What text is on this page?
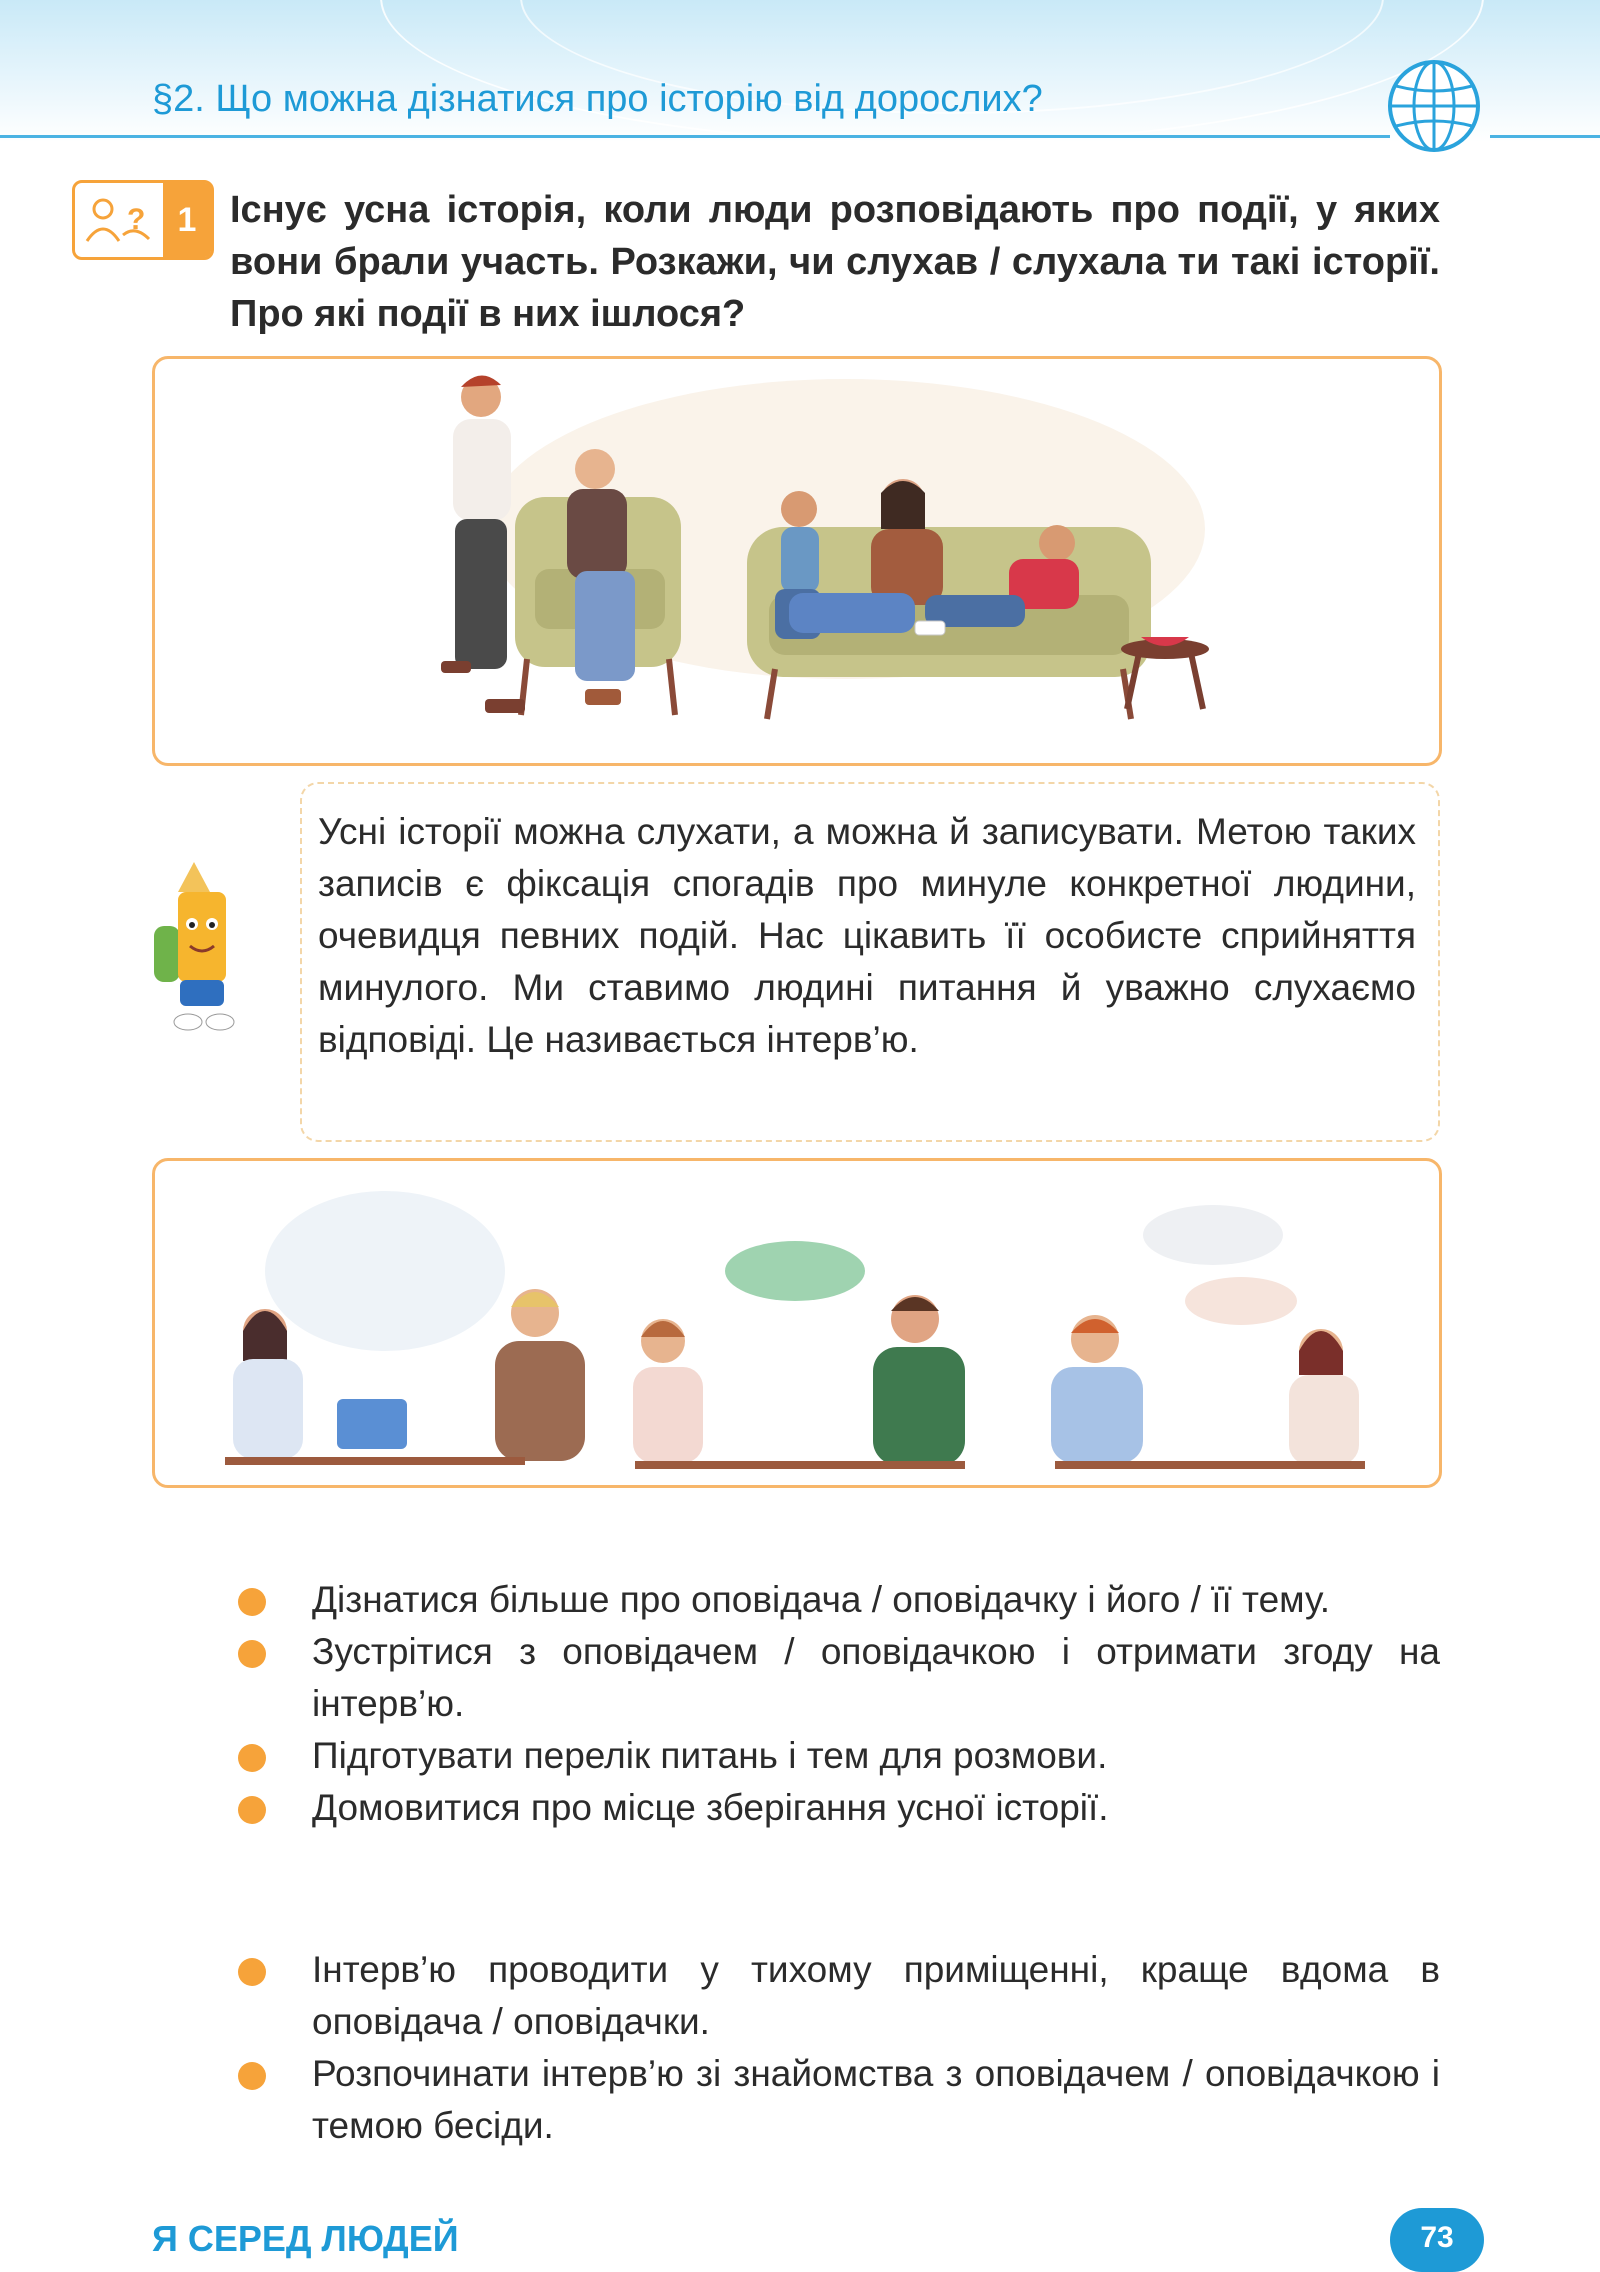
§2. Що можна дізнатися про історію від дорослих?
? 1 Існує усна історія, коли люди розповідають про події, у яких вони брали участь. Розкажи, чи слухав / слухала ти такі історії. Про які події в них ішлося?
Усні історії можна слухати, а можна й записувати. Метою таких записів є фіксація спогадів про минуле конкретної людини, очевидця певних подій. Нас цікавить її особисте сприйняття минулого. Ми ставимо людині питання й уважно слухаємо відповіді. Це називається інтерв’ю.
Дізнатися більше про оповідача / оповідачку і його / її тему.
Зустрітися з оповідачем / оповідачкою і отримати згоду на інтерв’ю.
Підготувати перелік питань і тем для розмови.
Домовитися про місце зберігання усної історії.
Інтерв’ю проводити у тихому приміщенні, краще вдома в оповідача / оповідачки.
Розпочинати інтерв’ю зі знайомства з оповідачем / оповідачкою і темою бесіди.
Я СЕРЕД ЛЮДЕЙ	73
